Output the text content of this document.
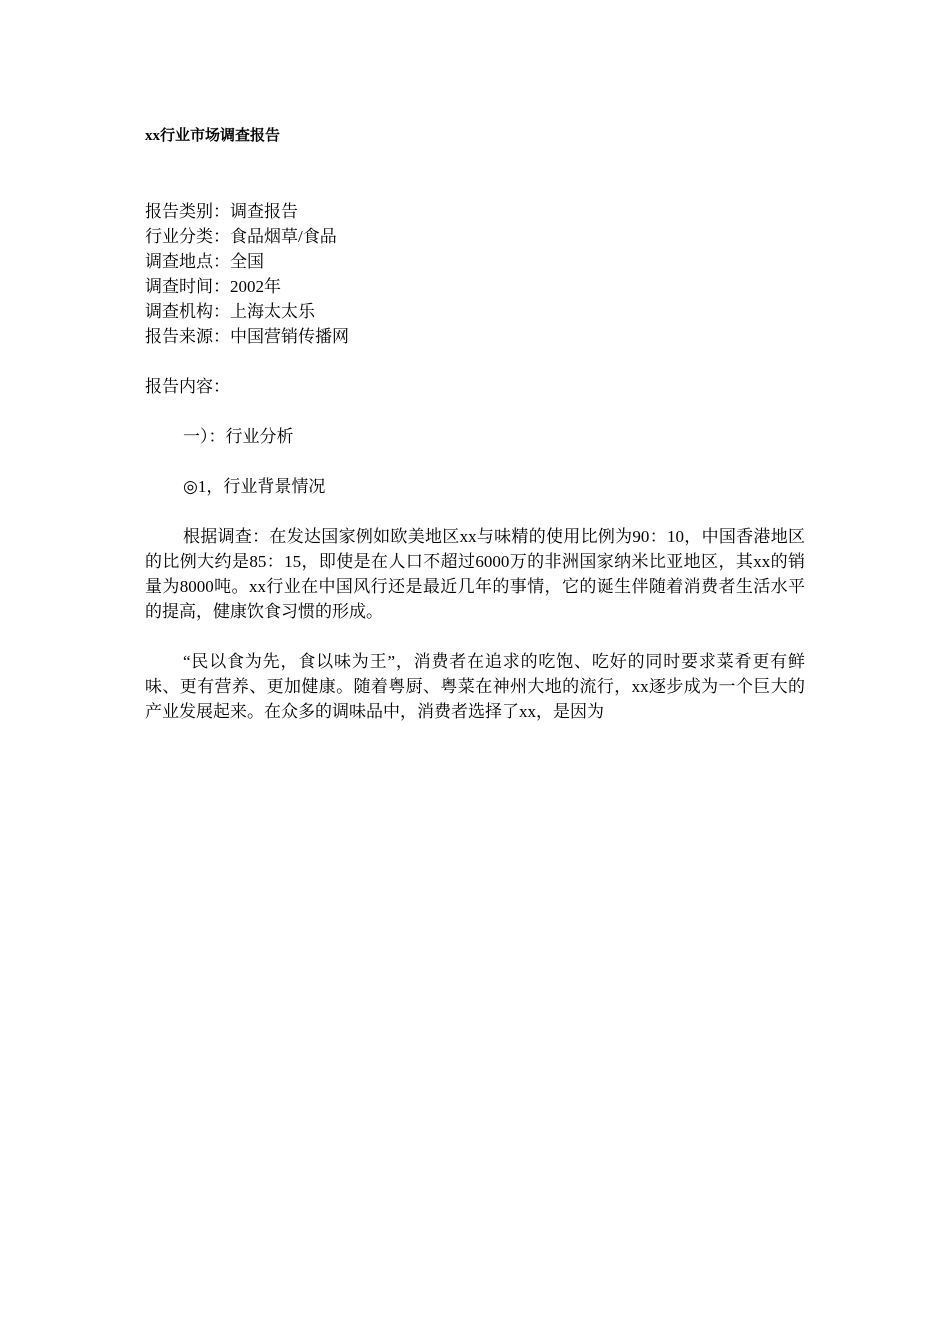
xx行业市场调查报告
报告类别：调查报告
行业分类：食品烟草/食品
调查地点：全国
调查时间：2002年
调查机构：上海太太乐
报告来源：中国营销传播网
报告内容：
一）：行业分析
◎1，行业背景情况
根据调查：在发达国家例如欧美地区xx与味精的使用比例为90：10，中国香港地区的比例大约是85：15，即使是在人口不超过6000万的非洲国家纳米比亚地区，其xx的销量为8000吨。xx行业在中国风行还是最近几年的事情，它的诞生伴随着消费者生活水平的提高，健康饮食习惯的形成。
“民以食为先，食以味为王”，消费者在追求的吃饱、吃好的同时要求菜肴更有鲜味、更有营养、更加健康。随着粤厨、粤菜在神州大地的流行，xx逐步成为一个巨大的产业发展起来。在众多的调味品中，消费者选择了xx，是因为
